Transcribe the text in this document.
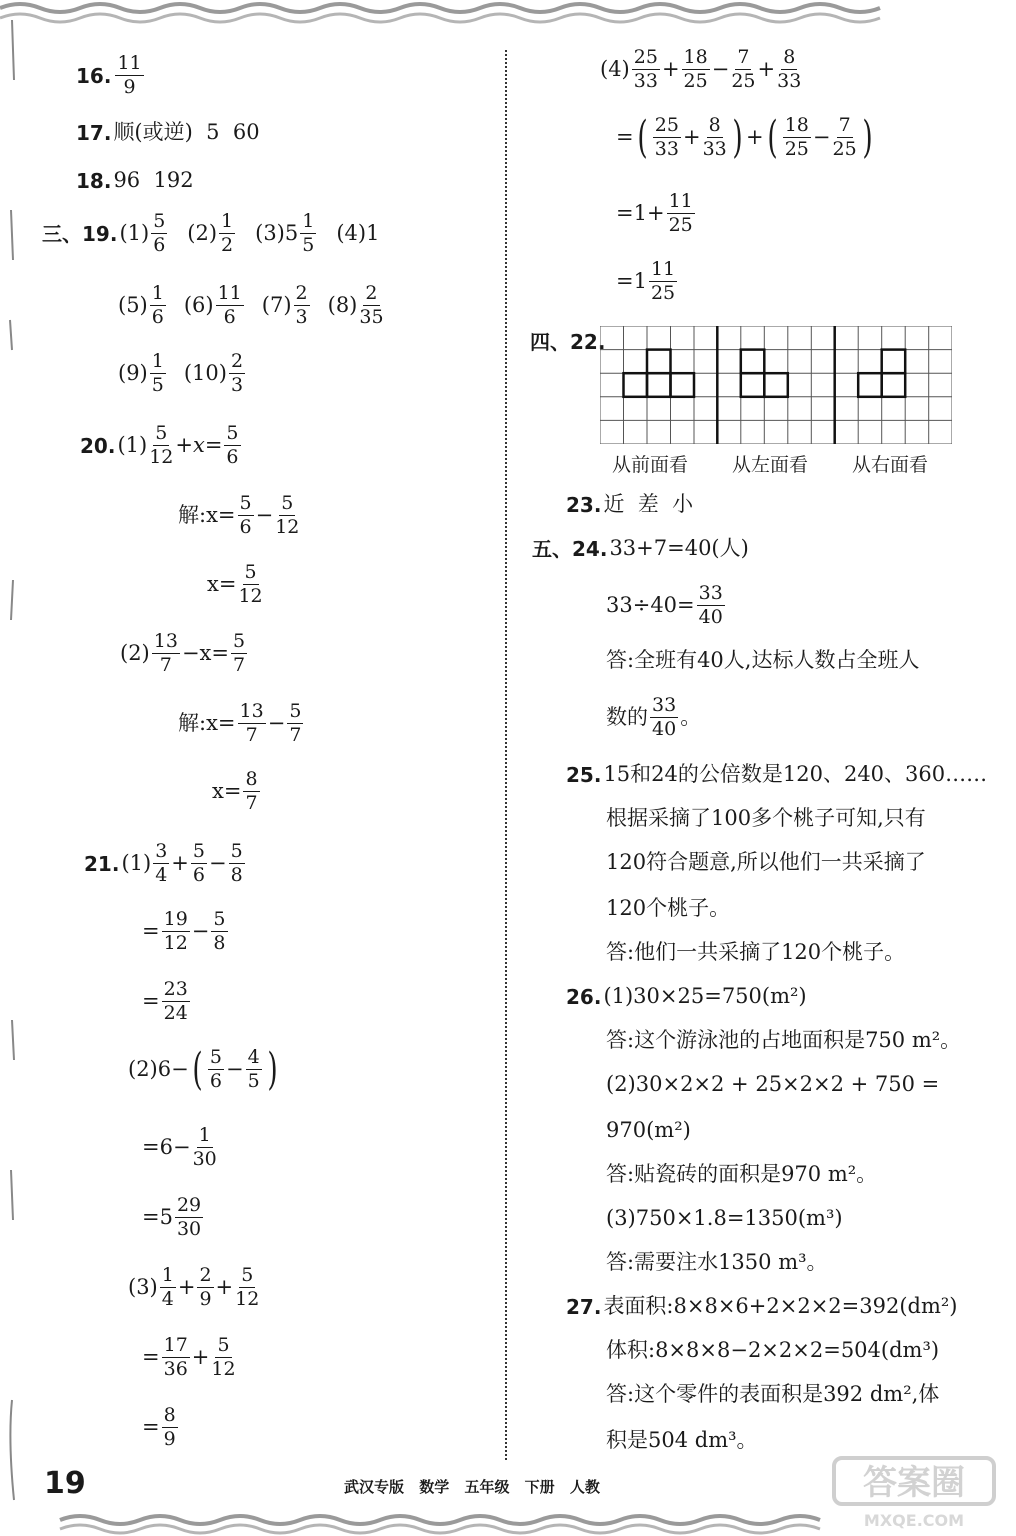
16. $\frac{11}{9}$
17. 顺(或逆)  5  60
18. 96  192
三、 19. $(1) \frac{5}{6} (2) \frac{1}{2} (3)5 \frac{1}{5} (4)1$
$(5) \frac{1}{6} (6) \frac{11}{6} (7) \frac{2}{3} (8) \frac{2}{35}$
$(9) \frac{1}{5} (10) \frac{2}{3}$
20. $(1) \frac{5}{12} +x= \frac{5}{6}$
解:x= $\frac{5}{6} - \frac{5}{12}$
$x= \frac{5}{12}$
$(2) \frac{13}{7} -x= \frac{5}{7}$
解:x= $\frac{13}{7} - \frac{5}{7}$
$x= \frac{8}{7}$
21. $(1) \frac{3}{4} + \frac{5}{6} - \frac{5}{8}$
= $\frac{19}{12} - \frac{5}{8}$
= $\frac{23}{24}$
(2)6− ( $\frac{5}{6} - \frac{4}{5}$ )
$=6- \frac{1}{30}$
$=5 \frac{29}{30}$
$(3) \frac{1}{4} + \frac{2}{9} + \frac{5}{12}$
= $\frac{17}{36} + \frac{5}{12}$
= $\frac{8}{9}$
$(4) \frac{25}{33} + \frac{18}{25} - \frac{7}{25} + \frac{8}{33}$
= ( $\frac{25}{33} + \frac{8}{33}$ ) + ( $\frac{18}{25} - \frac{7}{25}$ )
$=1+ \frac{11}{25}$
$=1 \frac{11}{25}$
四、 22.
从前面看 从左面看 从右面看
23. 近  差  小
五、 24. 33+7=40(人)
$33\div 40= \frac{33}{40}$
答:全班有40人,达标人数占全班人
数的 $\frac{33}{40}$ 。
25. 15和24的公倍数是120、240、360……
根据采摘了100多个桃子可知,只有
120符合题意,所以他们一共采摘了
120个桃子。
答:他们一共采摘了120个桃子。
26. (1)30×25=750(m²)
答:这个游泳池的占地面积是750 m²。
(2)30×2×2 + 25×2×2 + 750 =
970(m²)
答:贴瓷砖的面积是970 m²。
(3)750×1.8=1350(m³)
答:需要注水1350 m³。
27. 表面积:8×8×6+2×2×2=392(dm²)
体积:8×8×8−2×2×2=504(dm³)
答:这个零件的表面积是392 dm²,体
积是504 dm³。
19	武汉专版 数学 五年级 下册 人教	答案圈
MXQE.COM
